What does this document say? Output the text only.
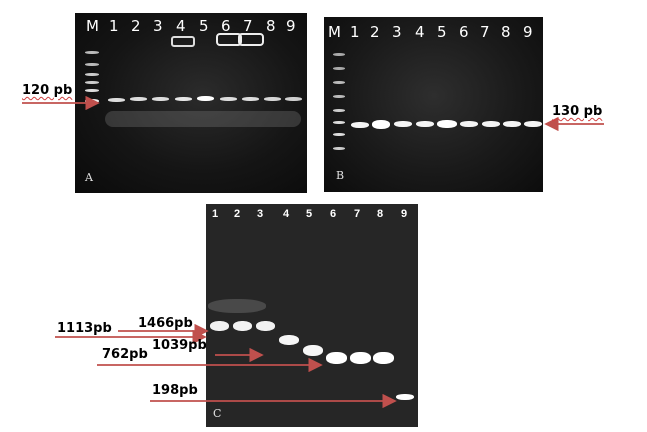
M 1 2 3 4 5 6 7 8 9
A
M 1 2 3 4 5 6 7 8 9
B
1 2 3 4 5 6 7 8 9
C
120 pb
130 pb
1113pb 1466pb
1039pb
762pb
198pb
